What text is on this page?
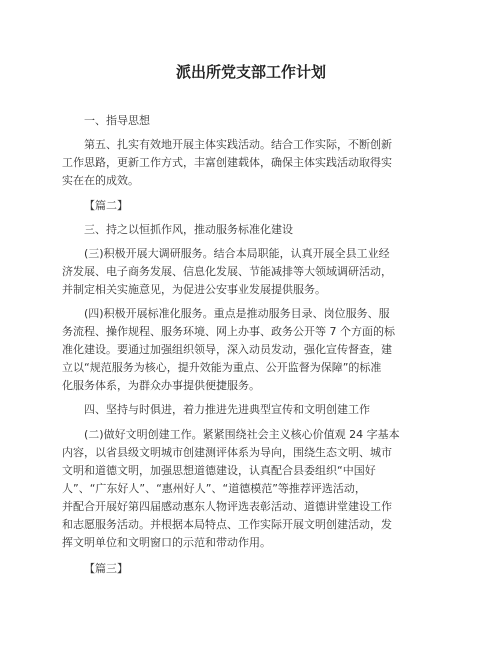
派出所党支部工作计划
一、指导思想
第五、扎实有效地开展主体实践活动。结合工作实际，不断创新
工作思路，更新工作方式，丰富创建载体，确保主体实践活动取得实
实在在的成效。
【篇二】
三、持之以恒抓作风，推动服务标准化建设
(三)积极开展大调研服务。结合本局职能，认真开展全县工业经
济发展、电子商务发展、信息化发展、节能减排等大领域调研活动，
并制定相关实施意见，为促进公安事业发展提供服务。
(四)积极开展标准化服务。重点是推动服务目录、岗位服务、服
务流程、操作规程、服务环境、网上办事、政务公开等 7 个方面的标
准化建设。要通过加强组织领导，深入动员发动，强化宣传督查，建
立以“规范服务为核心，提升效能为重点、公开监督为保障”的标准
化服务体系，为群众办事提供便捷服务。
四、坚持与时俱进，着力推进先进典型宣传和文明创建工作
(二)做好文明创建工作。紧紧围绕社会主义核心价值观 24 字基本
内容，以省县级文明城市创建测评体系为导向，围绕生态文明、城市
文明和道德文明，加强思想道德建设，认真配合县委组织“中国好
人”、“广东好人”、“惠州好人”、“道德模范”等推荐评选活动，
并配合开展好第四届感动惠东人物评选表彰活动、道德讲堂建设工作
和志愿服务活动。并根据本局特点、工作实际开展文明创建活动，发
挥文明单位和文明窗口的示范和带动作用。
【篇三】
